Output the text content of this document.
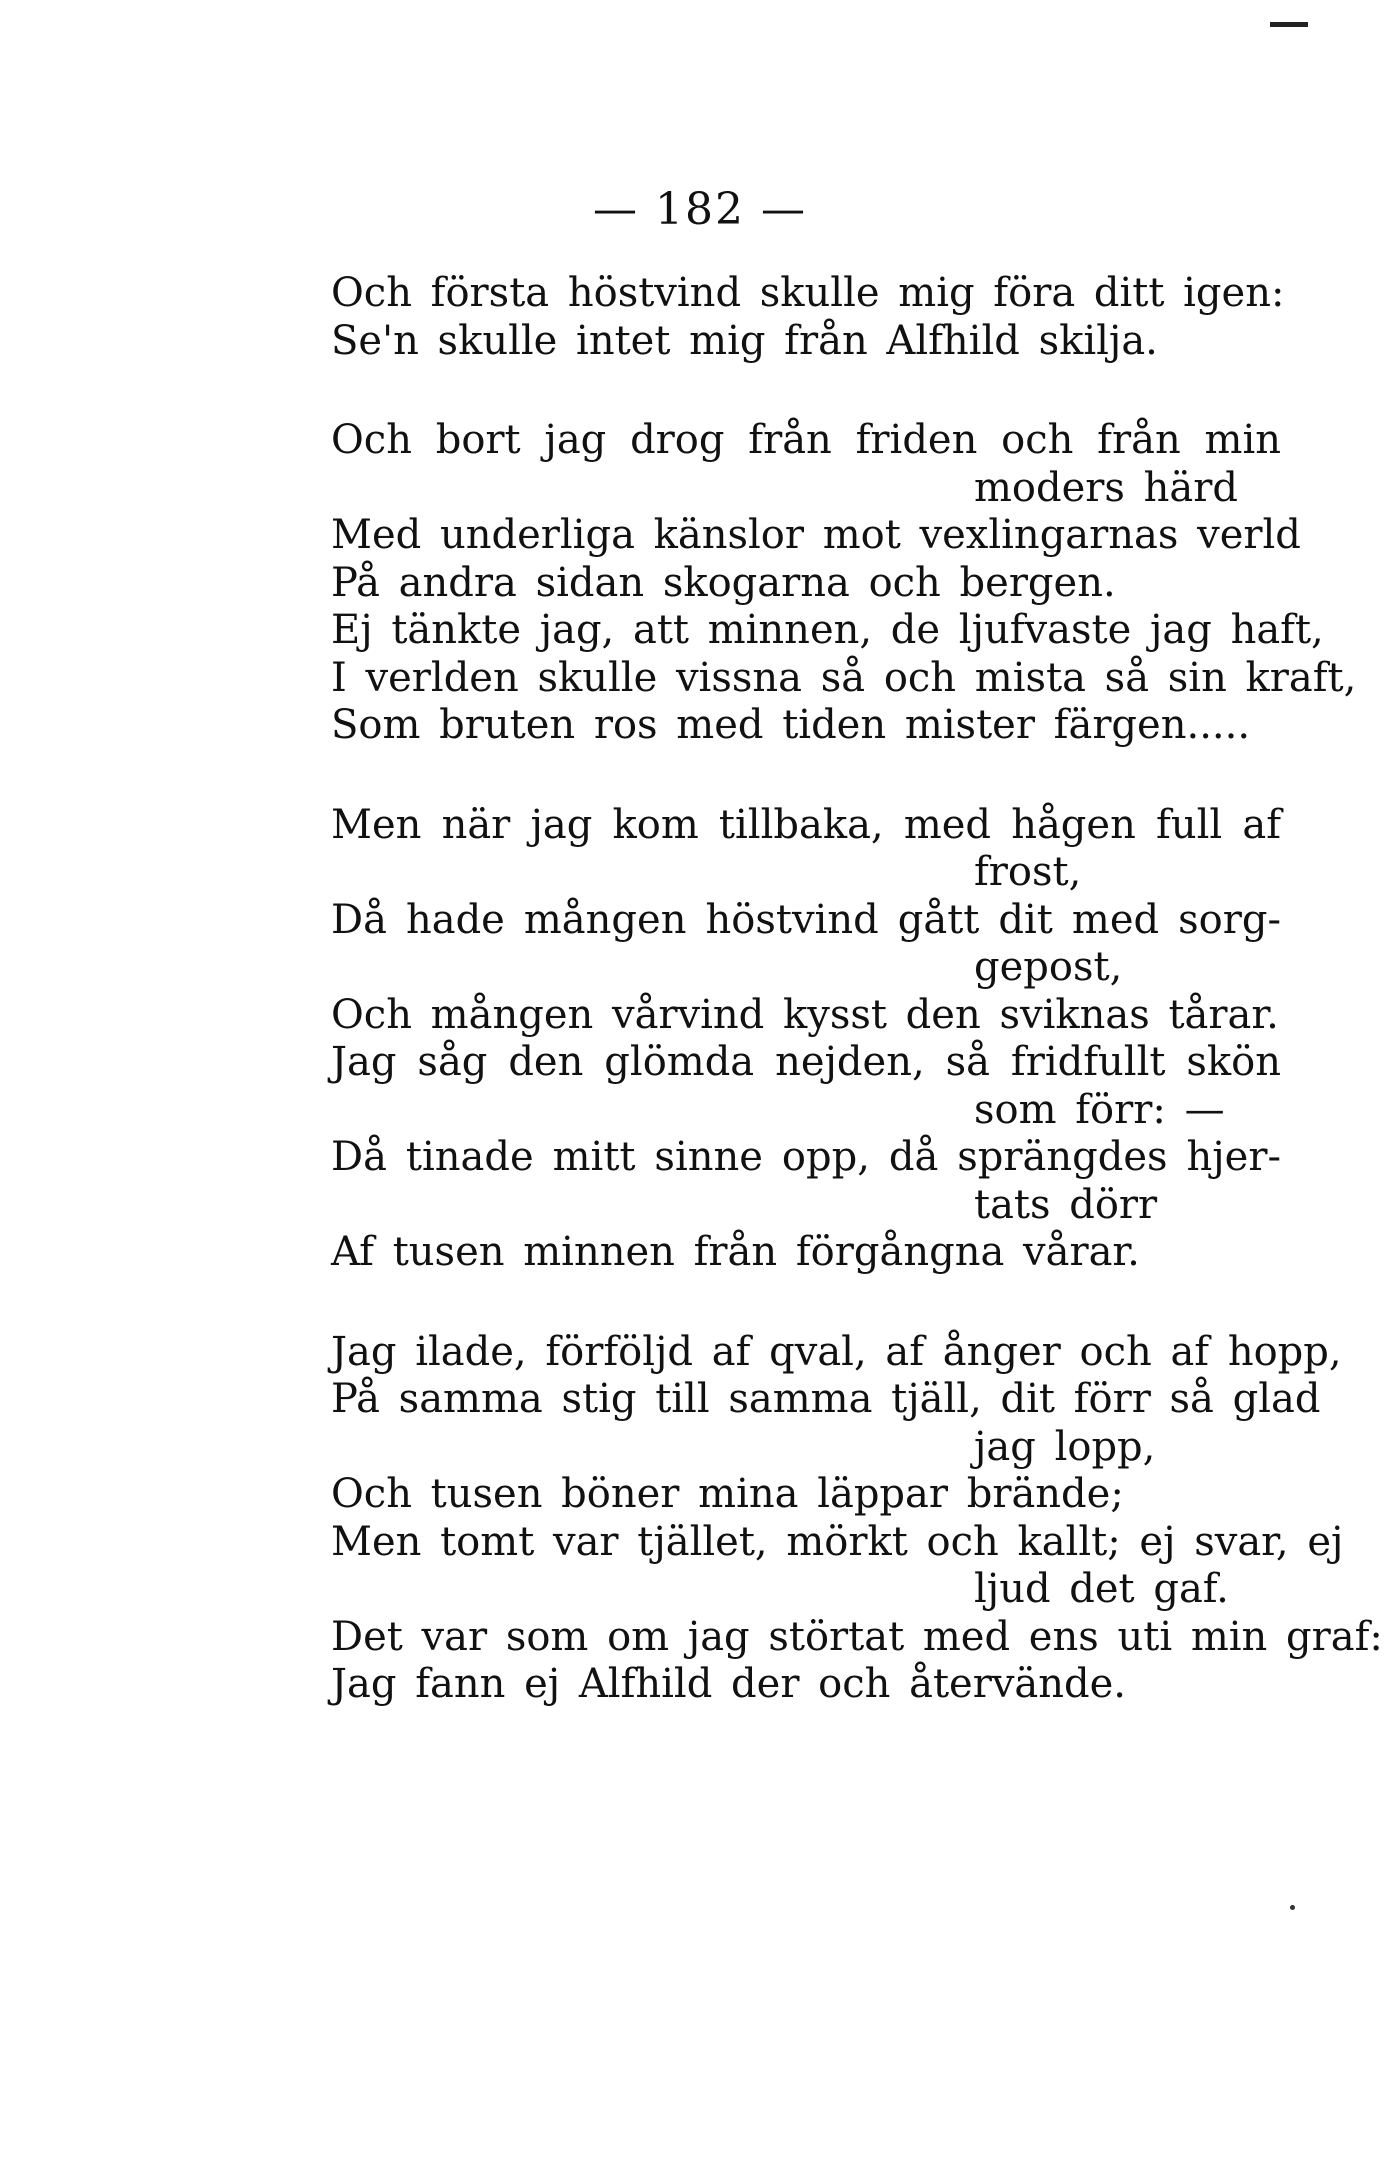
— 182 —
Och första höstvind skulle mig föra ditt igen:
Se'n skulle intet mig från Alfhild skilja.
Och bort jag drog från friden och från min
moders härd
Med underliga känslor mot vexlingarnas verld
På andra sidan skogarna och bergen.
Ej tänkte jag, att minnen, de ljufvaste jag haft,
I verlden skulle vissna så och mista så sin kraft,
Som bruten ros med tiden mister färgen.....
Men när jag kom tillbaka, med hågen full af
frost,
Då hade mången höstvind gått dit med sorg-
gepost,
Och mången vårvind kysst den sviknas tårar.
Jag såg den glömda nejden, så fridfullt skön
som förr: —
Då tinade mitt sinne opp, då sprängdes hjer-
tats dörr
Af tusen minnen från förgångna vårar.
Jag ilade, förföljd af qval, af ånger och af hopp,
På samma stig till samma tjäll, dit förr så glad
jag lopp,
Och tusen böner mina läppar brände;
Men tomt var tjället, mörkt och kallt; ej svar, ej
ljud det gaf.
Det var som om jag störtat med ens uti min graf:
Jag fann ej Alfhild der och återvände.
